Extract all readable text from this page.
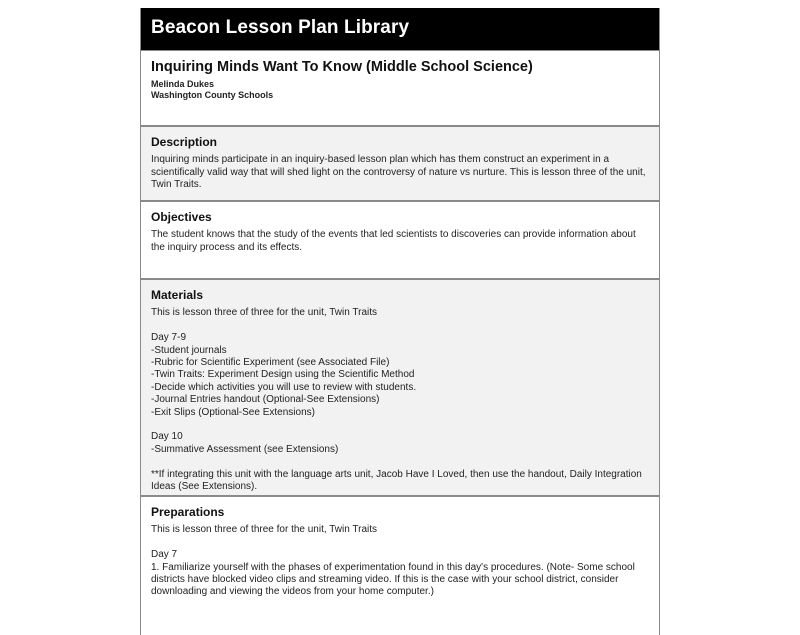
Beacon Lesson Plan Library
Inquiring Minds Want To Know (Middle School Science)
Melinda Dukes
Washington County Schools
Description

Inquiring minds participate in an inquiry-based lesson plan which has them construct an experiment in a scientifically valid way that will shed light on the controversy of nature vs nurture. This is lesson three of the unit, Twin Traits.

Objectives

The student knows that the study of the events that led scientists to discoveries can provide information about the inquiry process and its effects.

Materials
This is lesson three of three for the unit, Twin Traits
Day 7-9
-Student journals
-Rubric for Scientific Experiment (see Associated File)
-Twin Traits: Experiment Design using the Scientific Method
-Decide which activities you will use to review with students.
-Journal Entries handout (Optional-See Extensions)
-Exit Slips (Optional-See Extensions)
Day 10
-Summative Assessment (see Extensions)

**If integrating this unit with the language arts unit, Jacob Have I Loved, then use the handout, Daily Integration Ideas (See Extensions).

Preparations
This is lesson three of three for the unit, Twin Traits
Day 7

1. Familiarize yourself with the phases of experimentation found in this day's procedures. (Note- Some school districts have blocked video clips and streaming video. If this is the case with your school district, consider downloading and viewing the videos from your home computer.)
